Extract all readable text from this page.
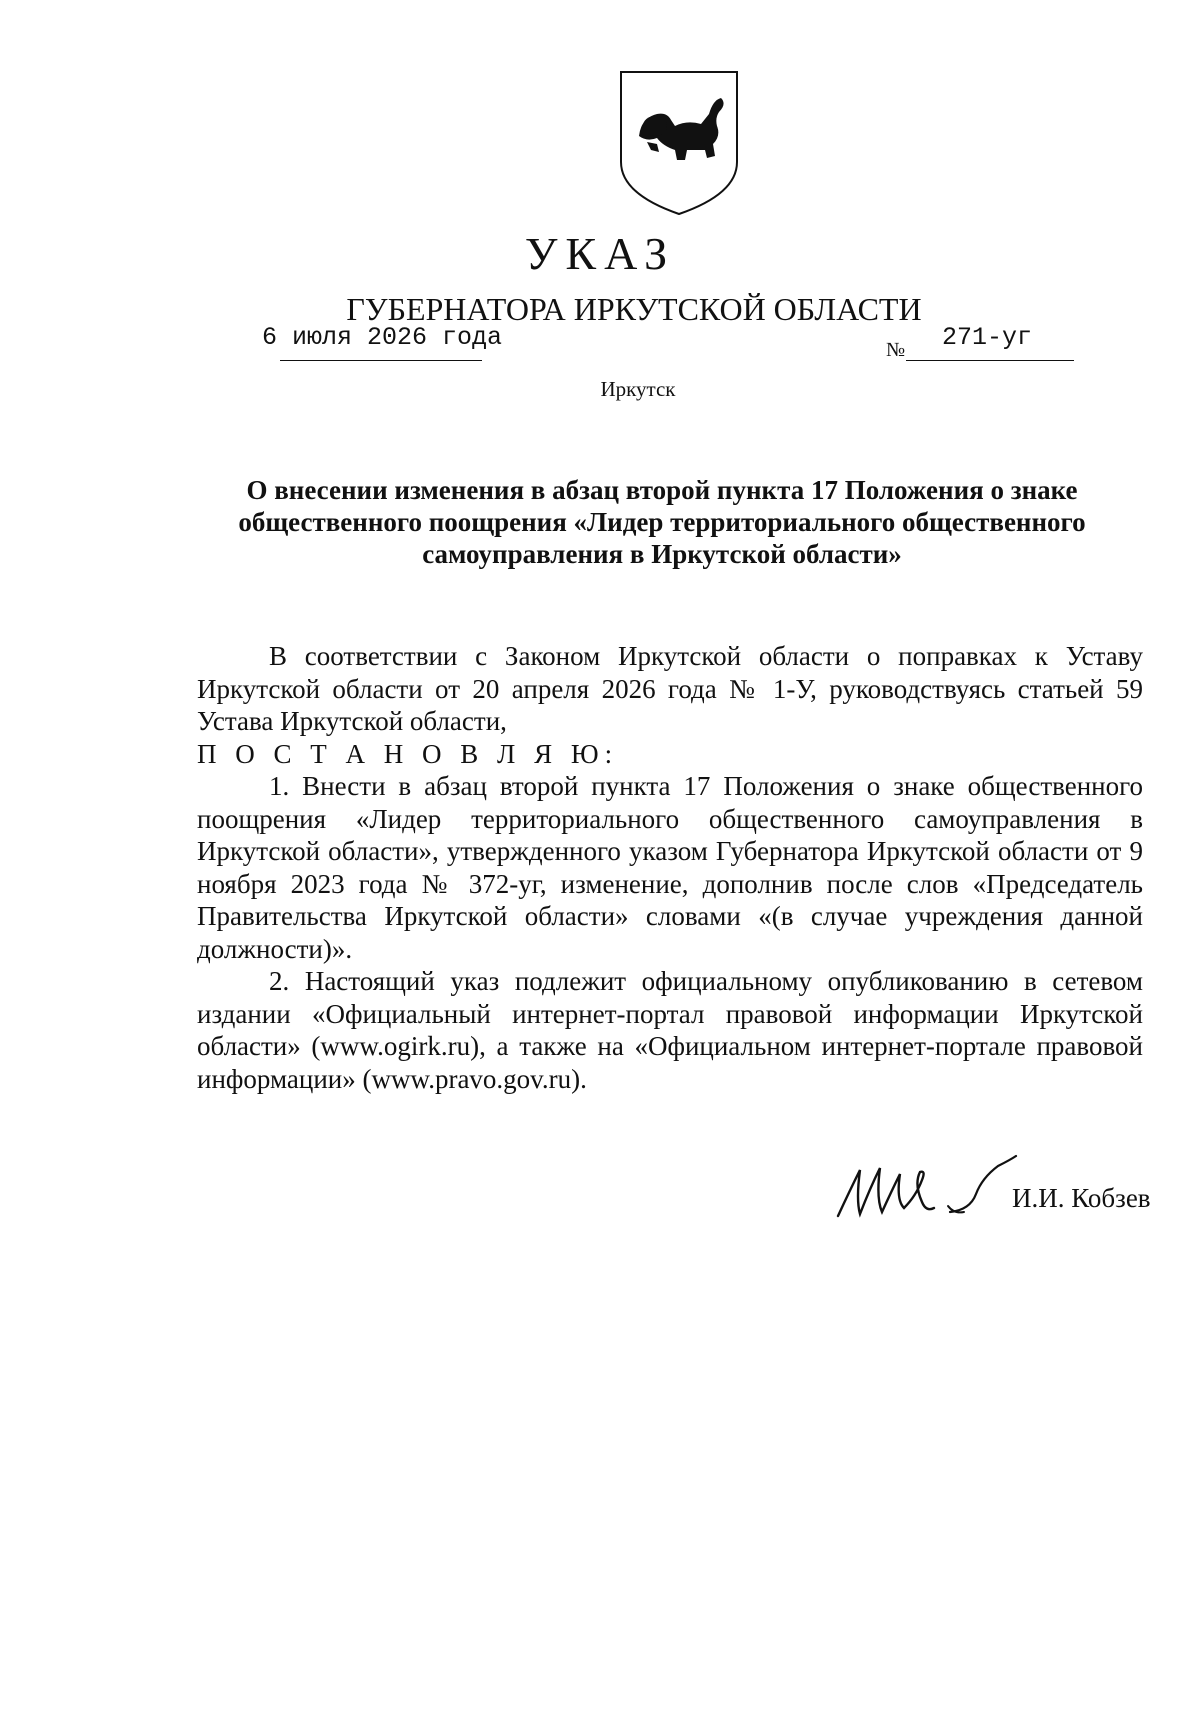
УКАЗ
ГУБЕРНАТОРА ИРКУТСКОЙ ОБЛАСТИ
6 июля 2026 года	№ 271-уг
Иркутск
О внесении изменения в абзац второй пункта 17 Положения о знаке общественного поощрения «Лидер территориального общественного самоуправления в Иркутской области»

В соответствии с Законом Иркутской области о поправках к Уставу Иркутской области от 20 апреля 2026 года № 1-У, руководствуясь статьей 59 Устава Иркутской области,

П О С Т А Н О В Л Я Ю:

1. Внести в абзац второй пункта 17 Положения о знаке общественного поощрения «Лидер территориального общественного самоуправления в Иркутской области», утвержденного указом Губернатора Иркутской области от 9 ноября 2023 года № 372-уг, изменение, дополнив после слов «Председатель Правительства Иркутской области» словами «(в случае учреждения данной должности)».

2. Настоящий указ подлежит официальному опубликованию в сетевом издании «Официальный интернет-портал правовой информации Иркутской области» (www.ogirk.ru), а также на «Официальном интернет-портале правовой информации» (www.pravo.gov.ru).

И.И. Кобзев
